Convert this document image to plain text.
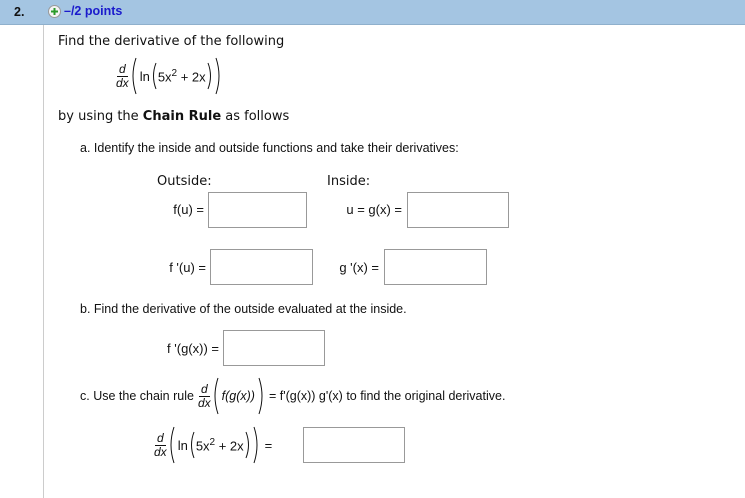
2.	–/2 points
Find the derivative of the following
$\frac{d}{dx}$ $\ln 5x^2 + 2x$
by using the Chain Rule as follows
a. Identify the inside and outside functions and take their derivatives:
Outside:	Inside:
f(u) =	u = g(x) =
f '(u) =	g '(x) =
b. Find the derivative of the outside evaluated at the inside.
f '(g(x)) =
c. Use the chain rule $\frac{d}{dx} f(g(x)) = f'(g(x))$ g'(x) to find the original derivative.
$\frac{d}{dx}$ $\ln 5x^2 + 2x$ =
